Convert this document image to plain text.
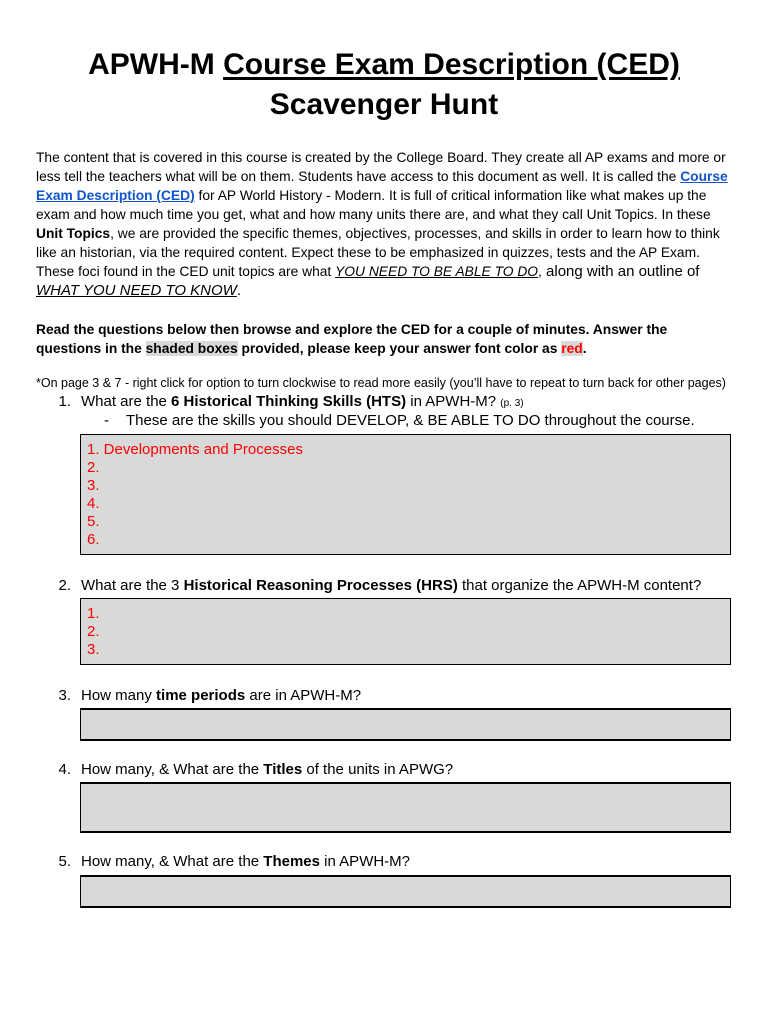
APWH-M Course Exam Description (CED)
Scavenger Hunt

The content that is covered in this course is created by the College Board. They create all AP exams and more or less tell the teachers what will be on them. Students have access to this document as well. It is called the Course Exam Description (CED) for AP World History - Modern. It is full of critical information like what makes up the exam and how much time you get, what and how many units there are, and what they call Unit Topics. In these Unit Topics, we are provided the specific themes, objectives, processes, and skills in order to learn how to think like an historian, via the required content. Expect these to be emphasized in quizzes, tests and the AP Exam. These foci found in the CED unit topics are what YOU NEED TO BE ABLE TO DO, along with an outline of WHAT YOU NEED TO KNOW.

Read the questions below then browse and explore the CED for a couple of minutes. Answer the questions in the shaded boxes provided, please keep your answer font color as red.

*On page 3 & 7 - right click for option to turn clockwise to read more easily (you’ll have to repeat to turn back for other pages)

1. What are the 6 Historical Thinking Skills (HTS) in APWH-M? (p. 3)
- These are the skills you should DEVELOP, & BE ABLE TO DO throughout the course.
1. Developments and Processes
2.
3.
4.
5.
6.
2. What are the 3 Historical Reasoning Processes (HRS) that organize the APWH-M content?
1.
2.
3.
3. How many time periods are in APWH-M?
4. How many, & What are the Titles of the units in APWG?
5. How many, & What are the Themes in APWH-M?
